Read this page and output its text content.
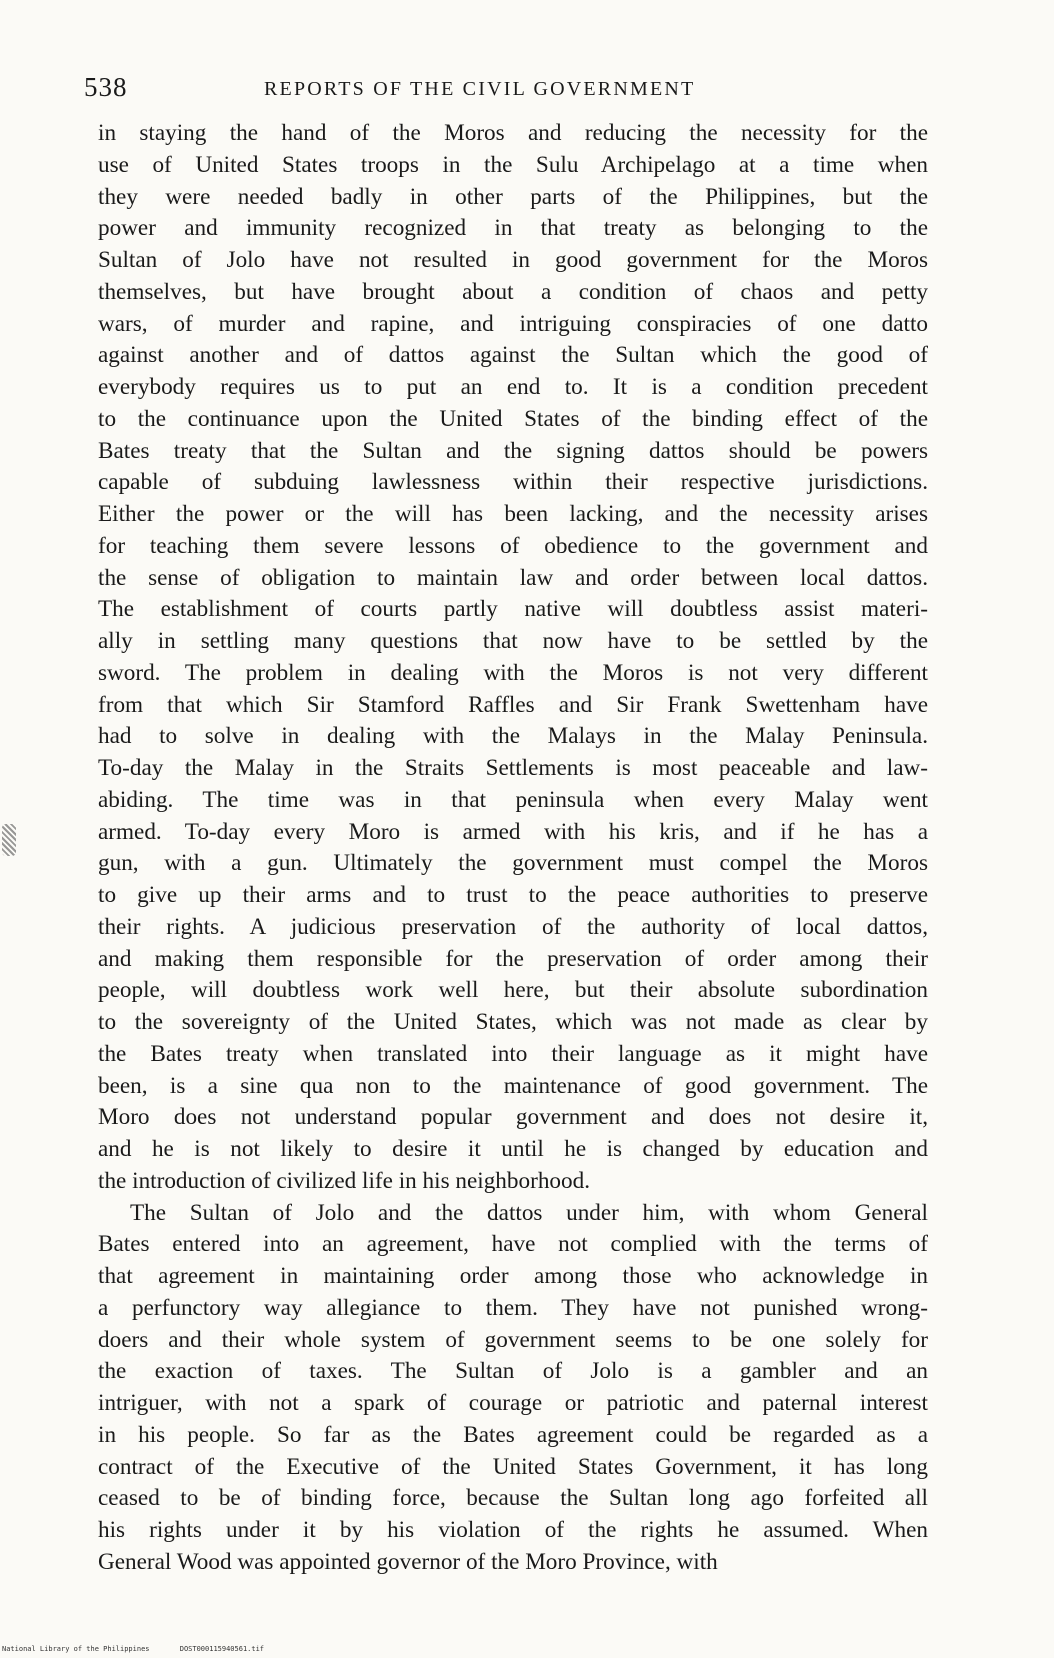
538	REPORTS OF THE CIVIL GOVERNMENT
in staying the hand of the Moros and reducing the necessity for the
use of United States troops in the Sulu Archipelago at a time when
they were needed badly in other parts of the Philippines, but the
power and immunity recognized in that treaty as belonging to the
Sultan of Jolo have not resulted in good government for the Moros
themselves, but have brought about a condition of chaos and petty
wars, of murder and rapine, and intriguing conspiracies of one datto
against another and of dattos against the Sultan which the good of
everybody requires us to put an end to. It is a condition precedent
to the continuance upon the United States of the binding effect of the
Bates treaty that the Sultan and the signing dattos should be powers
capable of subduing lawlessness within their respective jurisdictions.
Either the power or the will has been lacking, and the necessity arises
for teaching them severe lessons of obedience to the government and
the sense of obligation to maintain law and order between local dattos.
The establishment of courts partly native will doubtless assist materi-
ally in settling many questions that now have to be settled by the
sword. The problem in dealing with the Moros is not very different
from that which Sir Stamford Raffles and Sir Frank Swettenham have
had to solve in dealing with the Malays in the Malay Peninsula.
To-day the Malay in the Straits Settlements is most peaceable and law-
abiding. The time was in that peninsula when every Malay went
armed. To-day every Moro is armed with his kris, and if he has a
gun, with a gun. Ultimately the government must compel the Moros
to give up their arms and to trust to the peace authorities to preserve
their rights. A judicious preservation of the authority of local dattos,
and making them responsible for the preservation of order among their
people, will doubtless work well here, but their absolute subordination
to the sovereignty of the United States, which was not made as clear by
the Bates treaty when translated into their language as it might have
been, is a sine qua non to the maintenance of good government. The
Moro does not understand popular government and does not desire it,
and he is not likely to desire it until he is changed by education and
the introduction of civilized life in his neighborhood.
The Sultan of Jolo and the dattos under him, with whom General
Bates entered into an agreement, have not complied with the terms of
that agreement in maintaining order among those who acknowledge in
a perfunctory way allegiance to them. They have not punished wrong-
doers and their whole system of government seems to be one solely for
the exaction of taxes. The Sultan of Jolo is a gambler and an
intriguer, with not a spark of courage or patriotic and paternal interest
in his people. So far as the Bates agreement could be regarded as a
contract of the Executive of the United States Government, it has long
ceased to be of binding force, because the Sultan long ago forfeited all
his rights under it by his violation of the rights he assumed. When
General Wood was appointed governor of the Moro Province, with
National Library of the Philippines	DOST000115940561.tif
